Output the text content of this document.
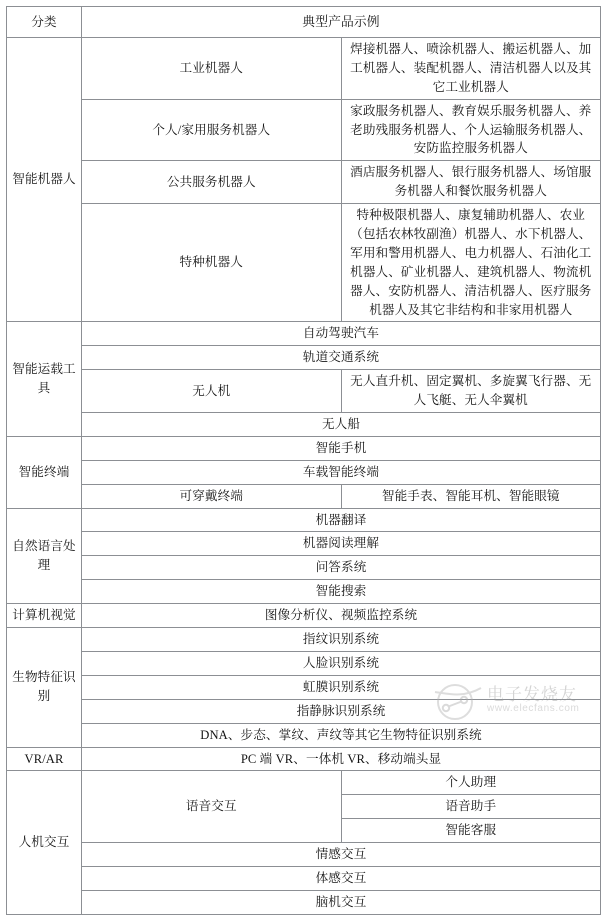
分类	典型产品示例	
智能机器人	工业机器人	焊接机器人、喷涂机器人、搬运机器人、加工机器人、装配机器人、清洁机器人以及其它工业机器人
	个人/家用服务机器人	家政服务机器人、教育娱乐服务机器人、养老助残服务机器人、个人运输服务机器人、安防监控服务机器人
	公共服务机器人	酒店服务机器人、银行服务机器人、场馆服务机器人和餐饮服务机器人
	特种机器人	特种极限机器人、康复辅助机器人、农业（包括农林牧副渔）机器人、水下机器人、军用和警用机器人、电力机器人、石油化工机器人、矿业机器人、建筑机器人、物流机器人、安防机器人、清洁机器人、医疗服务机器人及其它非结构和非家用机器人
智能运载工具	自动驾驶汽车	
	轨道交通系统	
	无人机	无人直升机、固定翼机、多旋翼飞行器、无人飞艇、无人伞翼机
	无人船	
智能终端	智能手机	
	车载智能终端	
	可穿戴终端	智能手表、智能耳机、智能眼镜
自然语言处理	机器翻译	
	机器阅读理解	
	问答系统	
	智能搜索	
计算机视觉	图像分析仪、视频监控系统	
生物特征识别	指纹识别系统	
	人脸识别系统	
	虹膜识别系统	
	指静脉识别系统	
	DNA、步态、掌纹、声纹等其它生物特征识别系统	
VR/AR	PC 端 VR、一体机 VR、移动端头显	
人机交互	语音交互	个人助理
		语音助手
		智能客服
	情感交互	
	体感交互	
	脑机交互	
电子发烧友
www.elecfans.com
